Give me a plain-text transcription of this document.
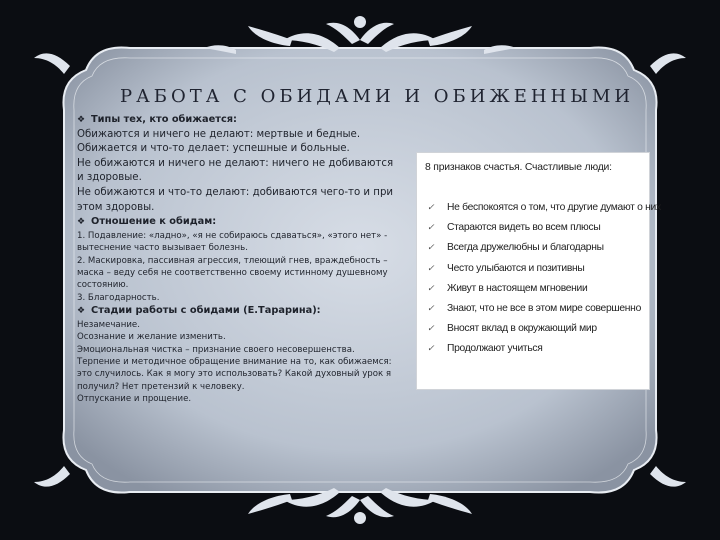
РАБОТА С ОБИДАМИ И ОБИЖЕННЫМИ
❖ Типы тех, кто обижается:
Обижаются и ничего не делают: мертвые и бедные.
Обижается и что-то делает: успешные и больные.
Не обижаются и ничего не делают: ничего не добиваются и здоровые.
Не обижаются и что-то делают: добиваются чего-то и при этом здоровы.
❖ Отношение к обидам:
1. Подавление: «ладно», «я не собираюсь сдаваться», «этого нет» - вытеснение часто вызывает болезнь.
2. Маскировка, пассивная агрессия, тлеющий гнев, враждебность – маска – веду себя не соответственно своему истинному душевному состоянию.
3. Благодарность.
❖ Стадии работы с обидами (Е.Тарарина):
Незамечание.
Осознание и желание изменить.
Эмоциональная чистка – признание своего несовершенства.
Терпение и методичное обращение внимание на то, как обижаемся: это случилось. Как я могу это использовать? Какой духовный урок я получил? Нет претензий к человеку.
Отпускание и прощение.
8 признаков счастья. Счастливые люди:
✓ Не беспокоятся о том, что другие думают о них
✓ Стараются видеть во всем плюсы
✓ Всегда дружелюбны и благодарны
✓ Често улыбаются и позитивны
✓ Живут в настоящем мгновении
✓ Знают, что не все в этом мире совершенно
✓ Вносят вклад в окружающий мир
✓ Продолжают учиться
